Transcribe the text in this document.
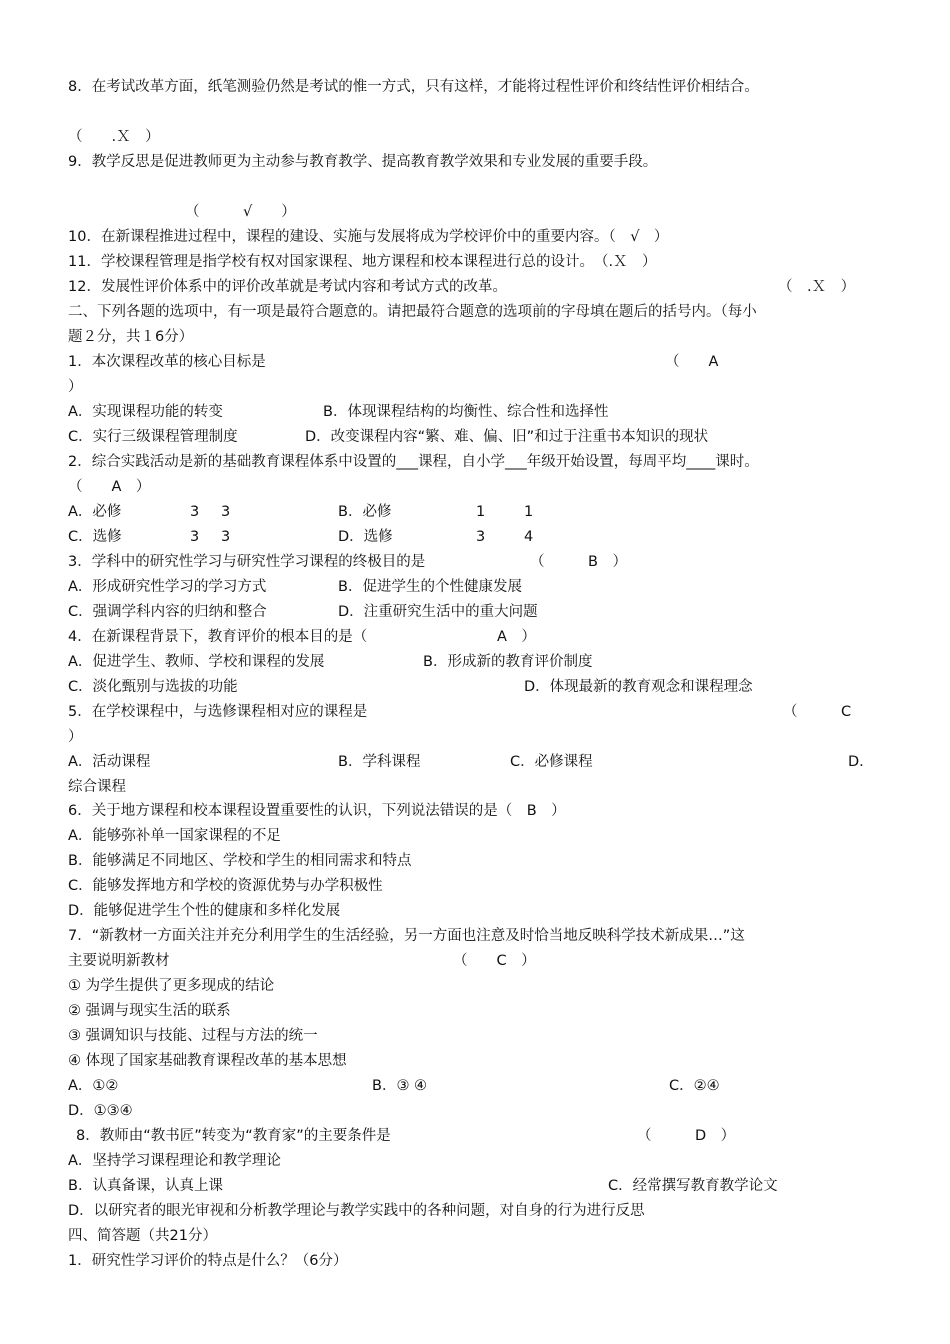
8．在考试改革方面，纸笔测验仍然是考试的惟一方式，只有这样，才能将过程性评价和终结性评价相结合。
（　　.Ｘ　）
9．教学反思是促进教师更为主动参与教育教学、提高教育教学效果和专业发展的重要手段。
（　　　√　　）
10．在新课程推进过程中，课程的建设、实施与发展将成为学校评价中的重要内容。（　√　）
11．学校课程管理是指学校有权对国家课程、地方课程和校本课程进行总的设计。　（.Ｘ　）
12．发展性评价体系中的评价改革就是考试内容和考试方式的改革。	（　.Ｘ　）
二、下列各题的选项中，有一项是最符合题意的。请把最符合题意的选项前的字母填在题后的括号内。（每小
题２分，共１6分）
1．本次课程改革的核心目标是	（　　A
）
A．实现课程功能的转变	B．体现课程结构的均衡性、综合性和选择性
C．实行三级课程管理制度	D．改变课程内容“繁、难、偏、旧”和过于注重书本知识的现状
2．综合实践活动是新的基础教育课程体系中设置的___课程，自小学___年级开始设置，每周平均____课时。
（　　A　）
A．必修	3 3	B．必修	1	1
C．选修	3 3	D．选修	3	4
3．学科中的研究性学习与研究性学习课程的终极目的是	（　　　B　）
A．形成研究性学习的学习方式	B．促进学生的个性健康发展
C．强调学科内容的归纳和整合	D．注重研究生活中的重大问题
4．在新课程背景下，教育评价的根本目的是（	A　）
A．促进学生、教师、学校和课程的发展	B．形成新的教育评价制度
C．淡化甄别与选拔的功能	D．体现最新的教育观念和课程理念
5．在学校课程中，与选修课程相对应的课程是	（　　　C
）
A．活动课程	B．学科课程	C．必修课程	D.
综合课程
6．关于地方课程和校本课程设置重要性的认识，下列说法错误的是（　B　）
A．能够弥补单一国家课程的不足
B．能够满足不同地区、学校和学生的相同需求和特点
C．能够发挥地方和学校的资源优势与办学积极性
D．能够促进学生个性的健康和多样化发展
7．“新教材一方面关注并充分利用学生的生活经验，另一方面也注意及时恰当地反映科学技术新成果…”这
主要说明新教材	（　　C　）
① 为学生提供了更多现成的结论
② 强调与现实生活的联系
③ 强调知识与技能、过程与方法的统一
④ 体现了国家基础教育课程改革的基本思想
A．①②	B．③ ④	C．②④
D．①③④
8．教师由“教书匠”转变为“教育家”的主要条件是	（　　　D　）
A．坚持学习课程理论和教学理论
B．认真备课，认真上课	C．经常撰写教育教学论文
D．以研究者的眼光审视和分析教学理论与教学实践中的各种问题，对自身的行为进行反思
四、简答题（共21分）
1．研究性学习评价的特点是什么？（6分）
